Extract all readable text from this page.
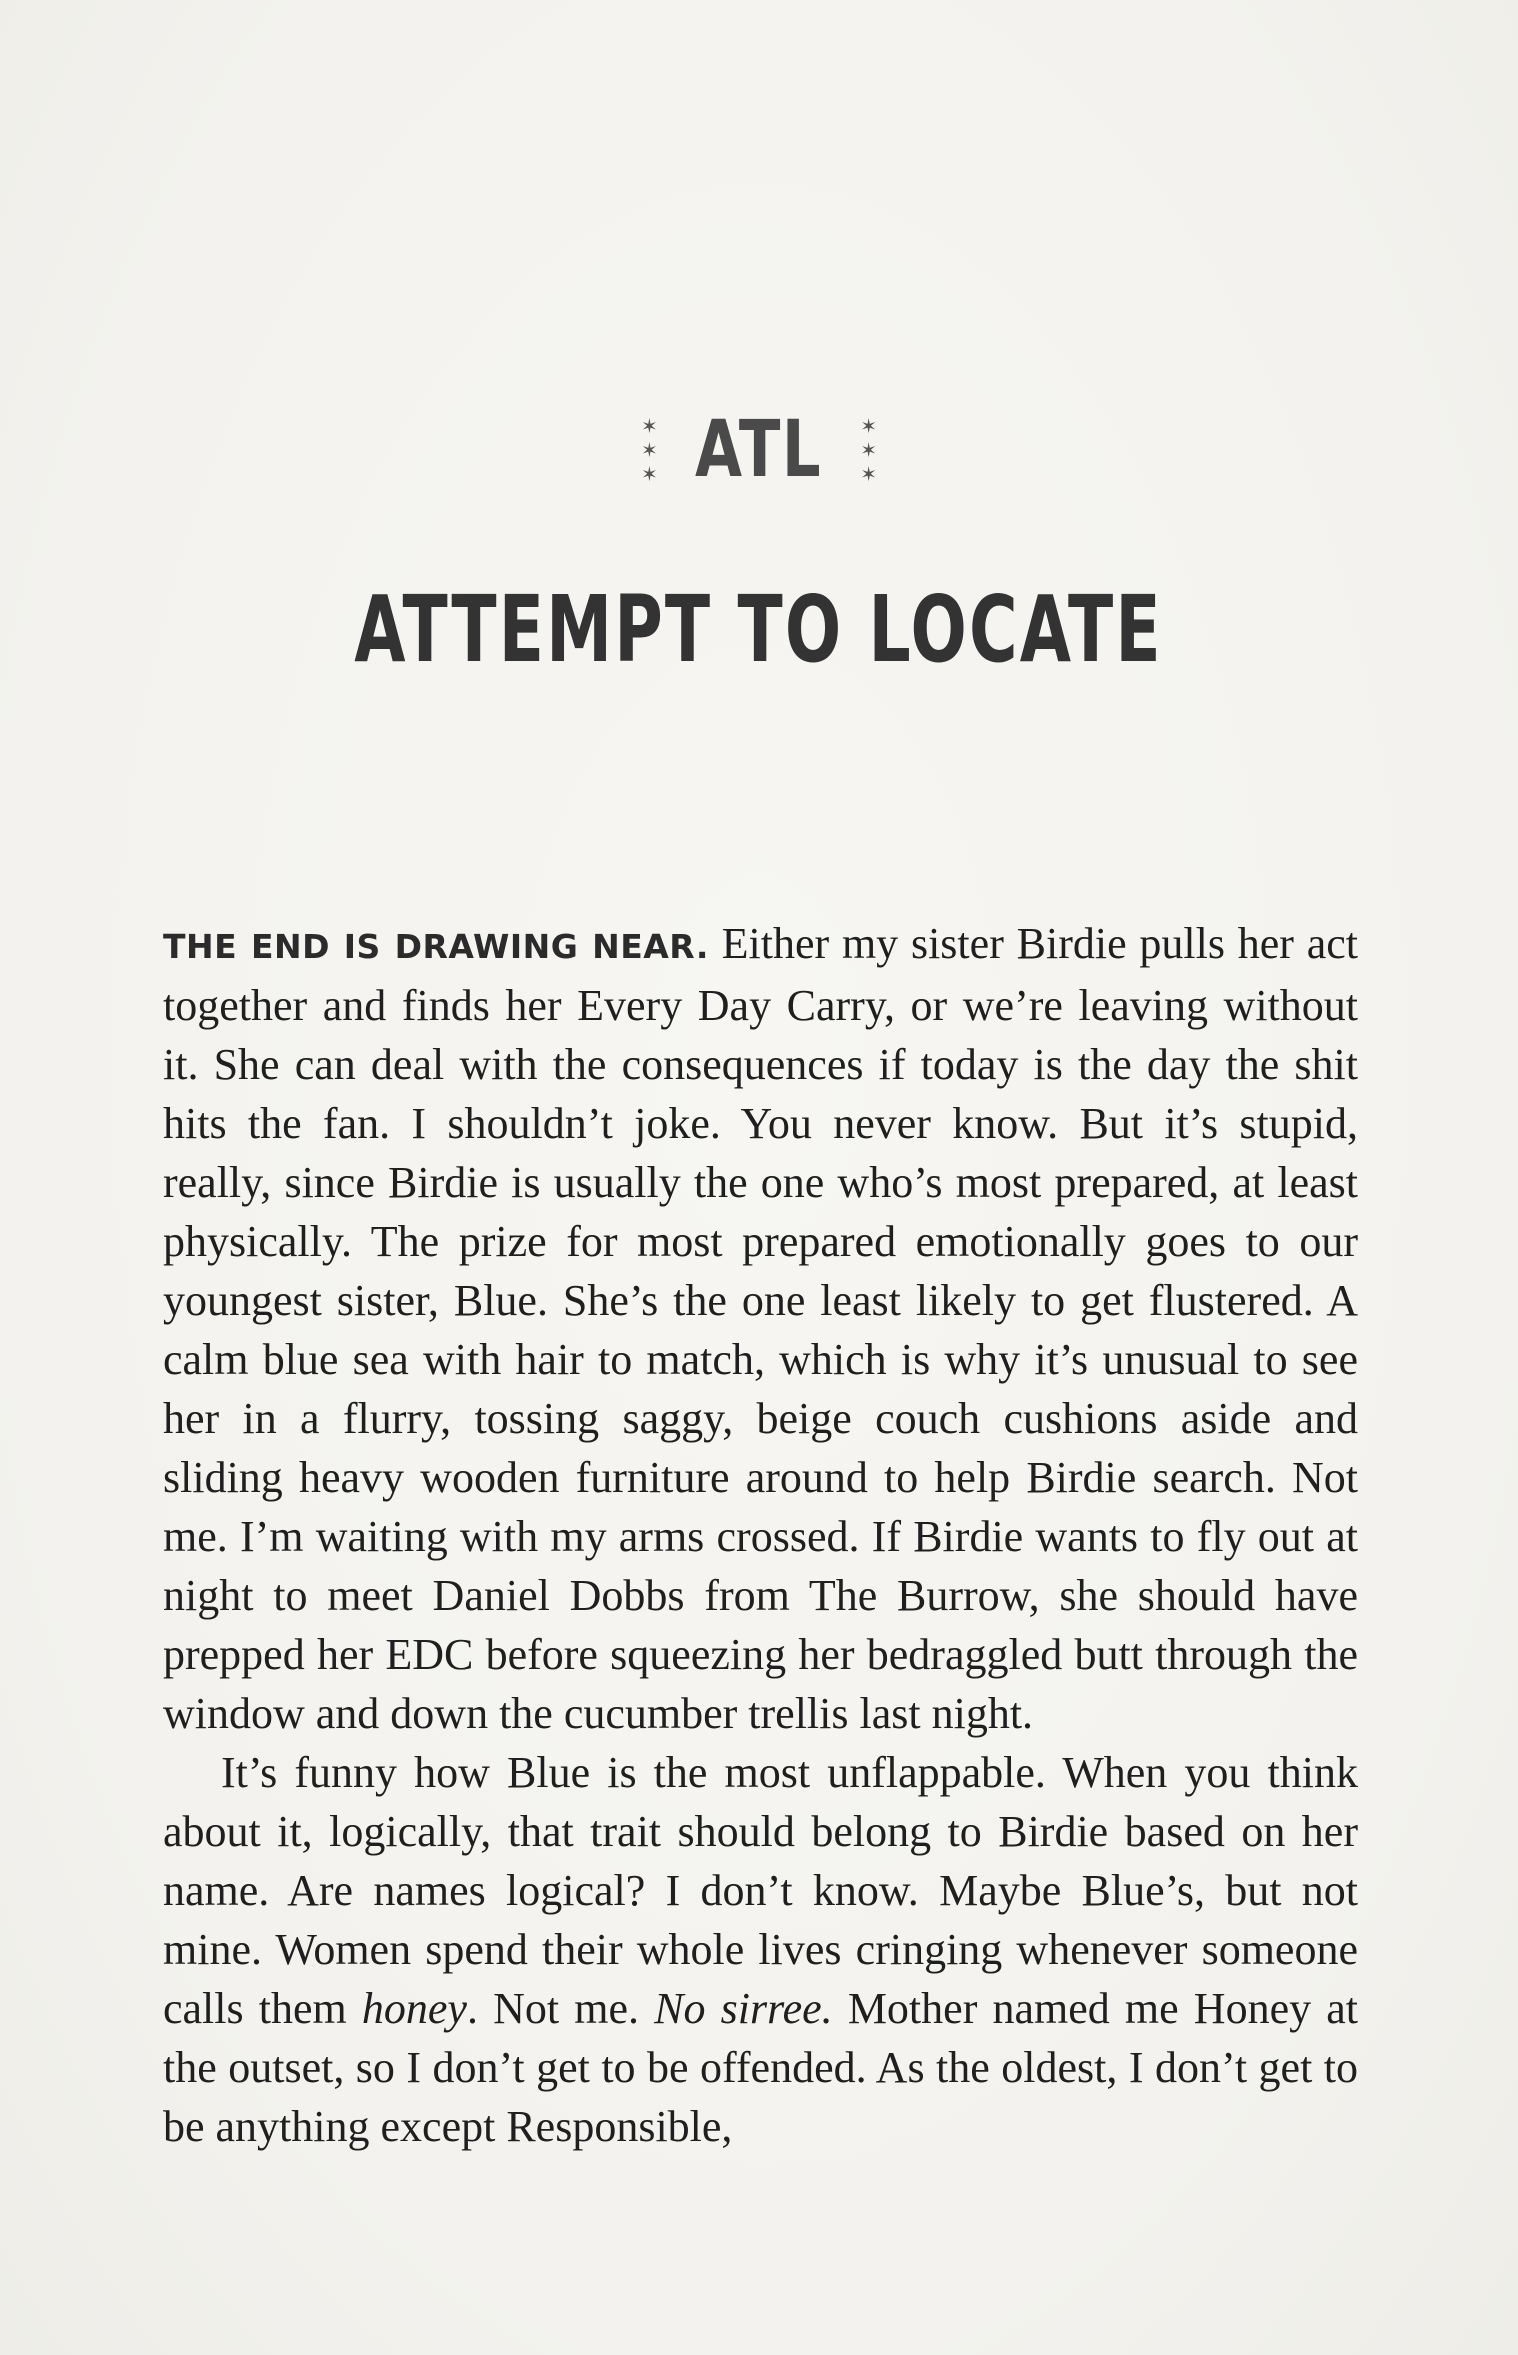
✶
✶
✶ ATL ✶
✶
✶
ATTEMPT TO LOCATE

THE END IS DRAWING NEAR. Either my sister Birdie pulls her act together and finds her Every Day Carry, or we’re leaving without it. She can deal with the consequences if today is the day the shit hits the fan. I shouldn’t joke. You never know. But it’s stupid, really, since Birdie is usually the one who’s most prepared, at least physically. The prize for most prepared emotionally goes to our youngest sister, Blue. She’s the one least likely to get flustered. A calm blue sea with hair to match, which is why it’s unusual to see her in a flurry, tossing saggy, beige couch cushions aside and sliding heavy wooden furniture around to help Birdie search. Not me. I’m waiting with my arms crossed. If Birdie wants to fly out at night to meet Daniel Dobbs from The Burrow, she should have prepped her EDC before squeezing her bedraggled butt through the window and down the cucumber trellis last night.

It’s funny how Blue is the most unflappable. When you think about it, logically, that trait should belong to Birdie based on her name. Are names logical? I don’t know. Maybe Blue’s, but not mine. Women spend their whole lives cringing whenever someone calls them honey. Not me. No sirree. Mother named me Honey at the outset, so I don’t get to be offended. As the oldest, I don’t get to be anything except Responsible,
